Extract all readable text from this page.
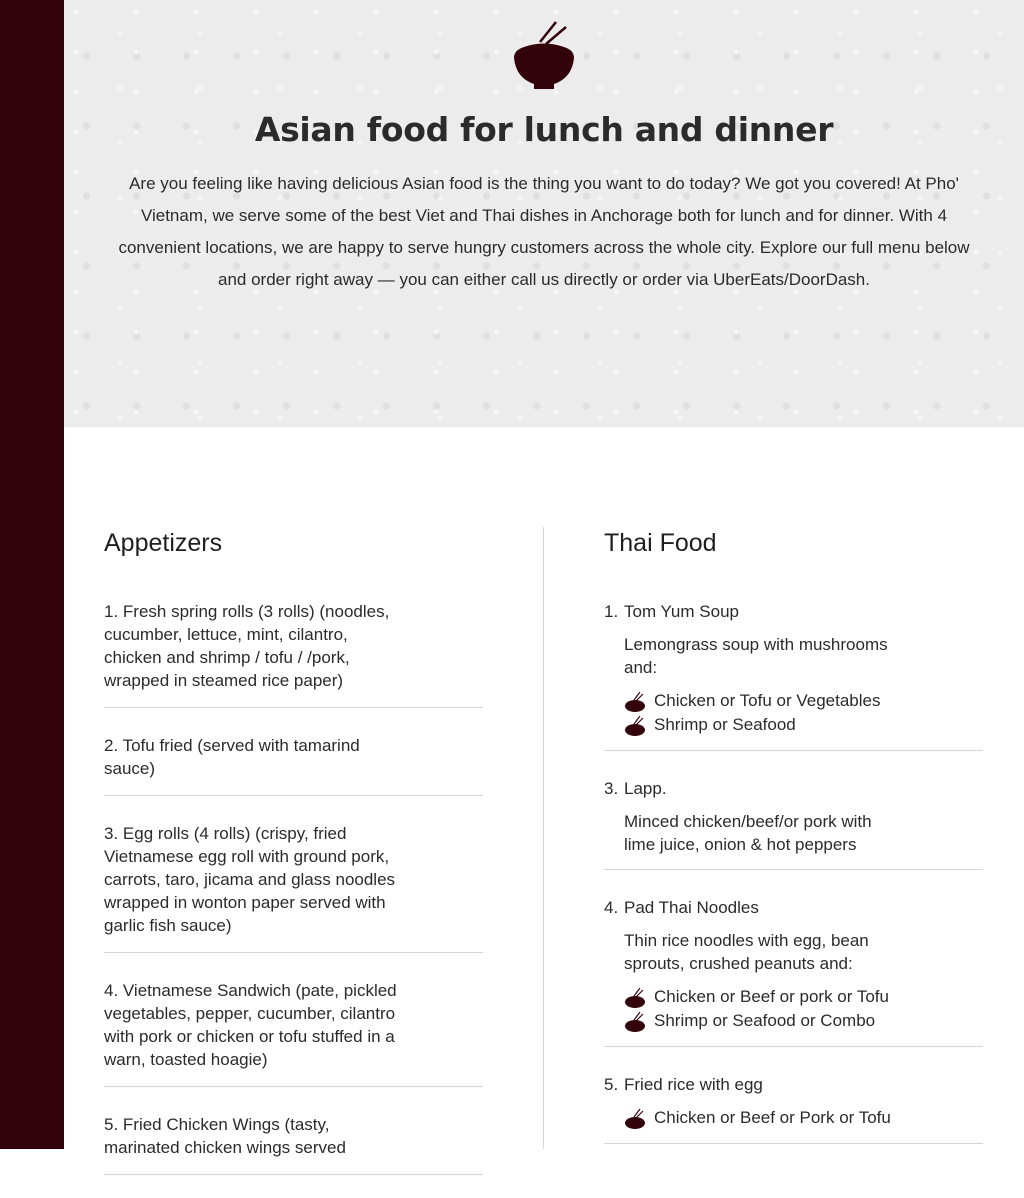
Asian food for lunch and dinner

Are you feeling like having delicious Asian food is the thing you want to do today? We got you covered! At Pho' Vietnam, we serve some of the best Viet and Thai dishes in Anchorage both for lunch and for dinner. With 4 convenient locations, we are happy to serve hungry customers across the whole city. Explore our full menu below and order right away — you can either call us directly or order via UberEats/DoorDash.

Appetizers
1. Fresh spring rolls (3 rolls) (noodles, cucumber, lettuce, mint, cilantro, chicken and shrimp / tofu / /pork, wrapped in steamed rice paper)
2. Tofu fried (served with tamarind sauce)
3. Egg rolls (4 rolls) (crispy, fried Vietnamese egg roll with ground pork, carrots, taro, jicama and glass noodles wrapped in wonton paper served with garlic fish sauce)
4. Vietnamese Sandwich (pate, pickled vegetables, pepper, cucumber, cilantro with pork or chicken or tofu stuffed in a warn, toasted hoagie)
5. Fried Chicken Wings (tasty, marinated chicken wings served
Thai Food
1. Tom Yum Soup
Lemongrass soup with mushrooms and:
Chicken or Tofu or Vegetables
Shrimp or Seafood
3. Lapp.
Minced chicken/beef/or pork with lime juice, onion & hot peppers
4. Pad Thai Noodles
Thin rice noodles with egg, bean sprouts, crushed peanuts and:
Chicken or Beef or pork or Tofu
Shrimp or Seafood or Combo
5. Fried rice with egg
Chicken or Beef or Pork or Tofu
